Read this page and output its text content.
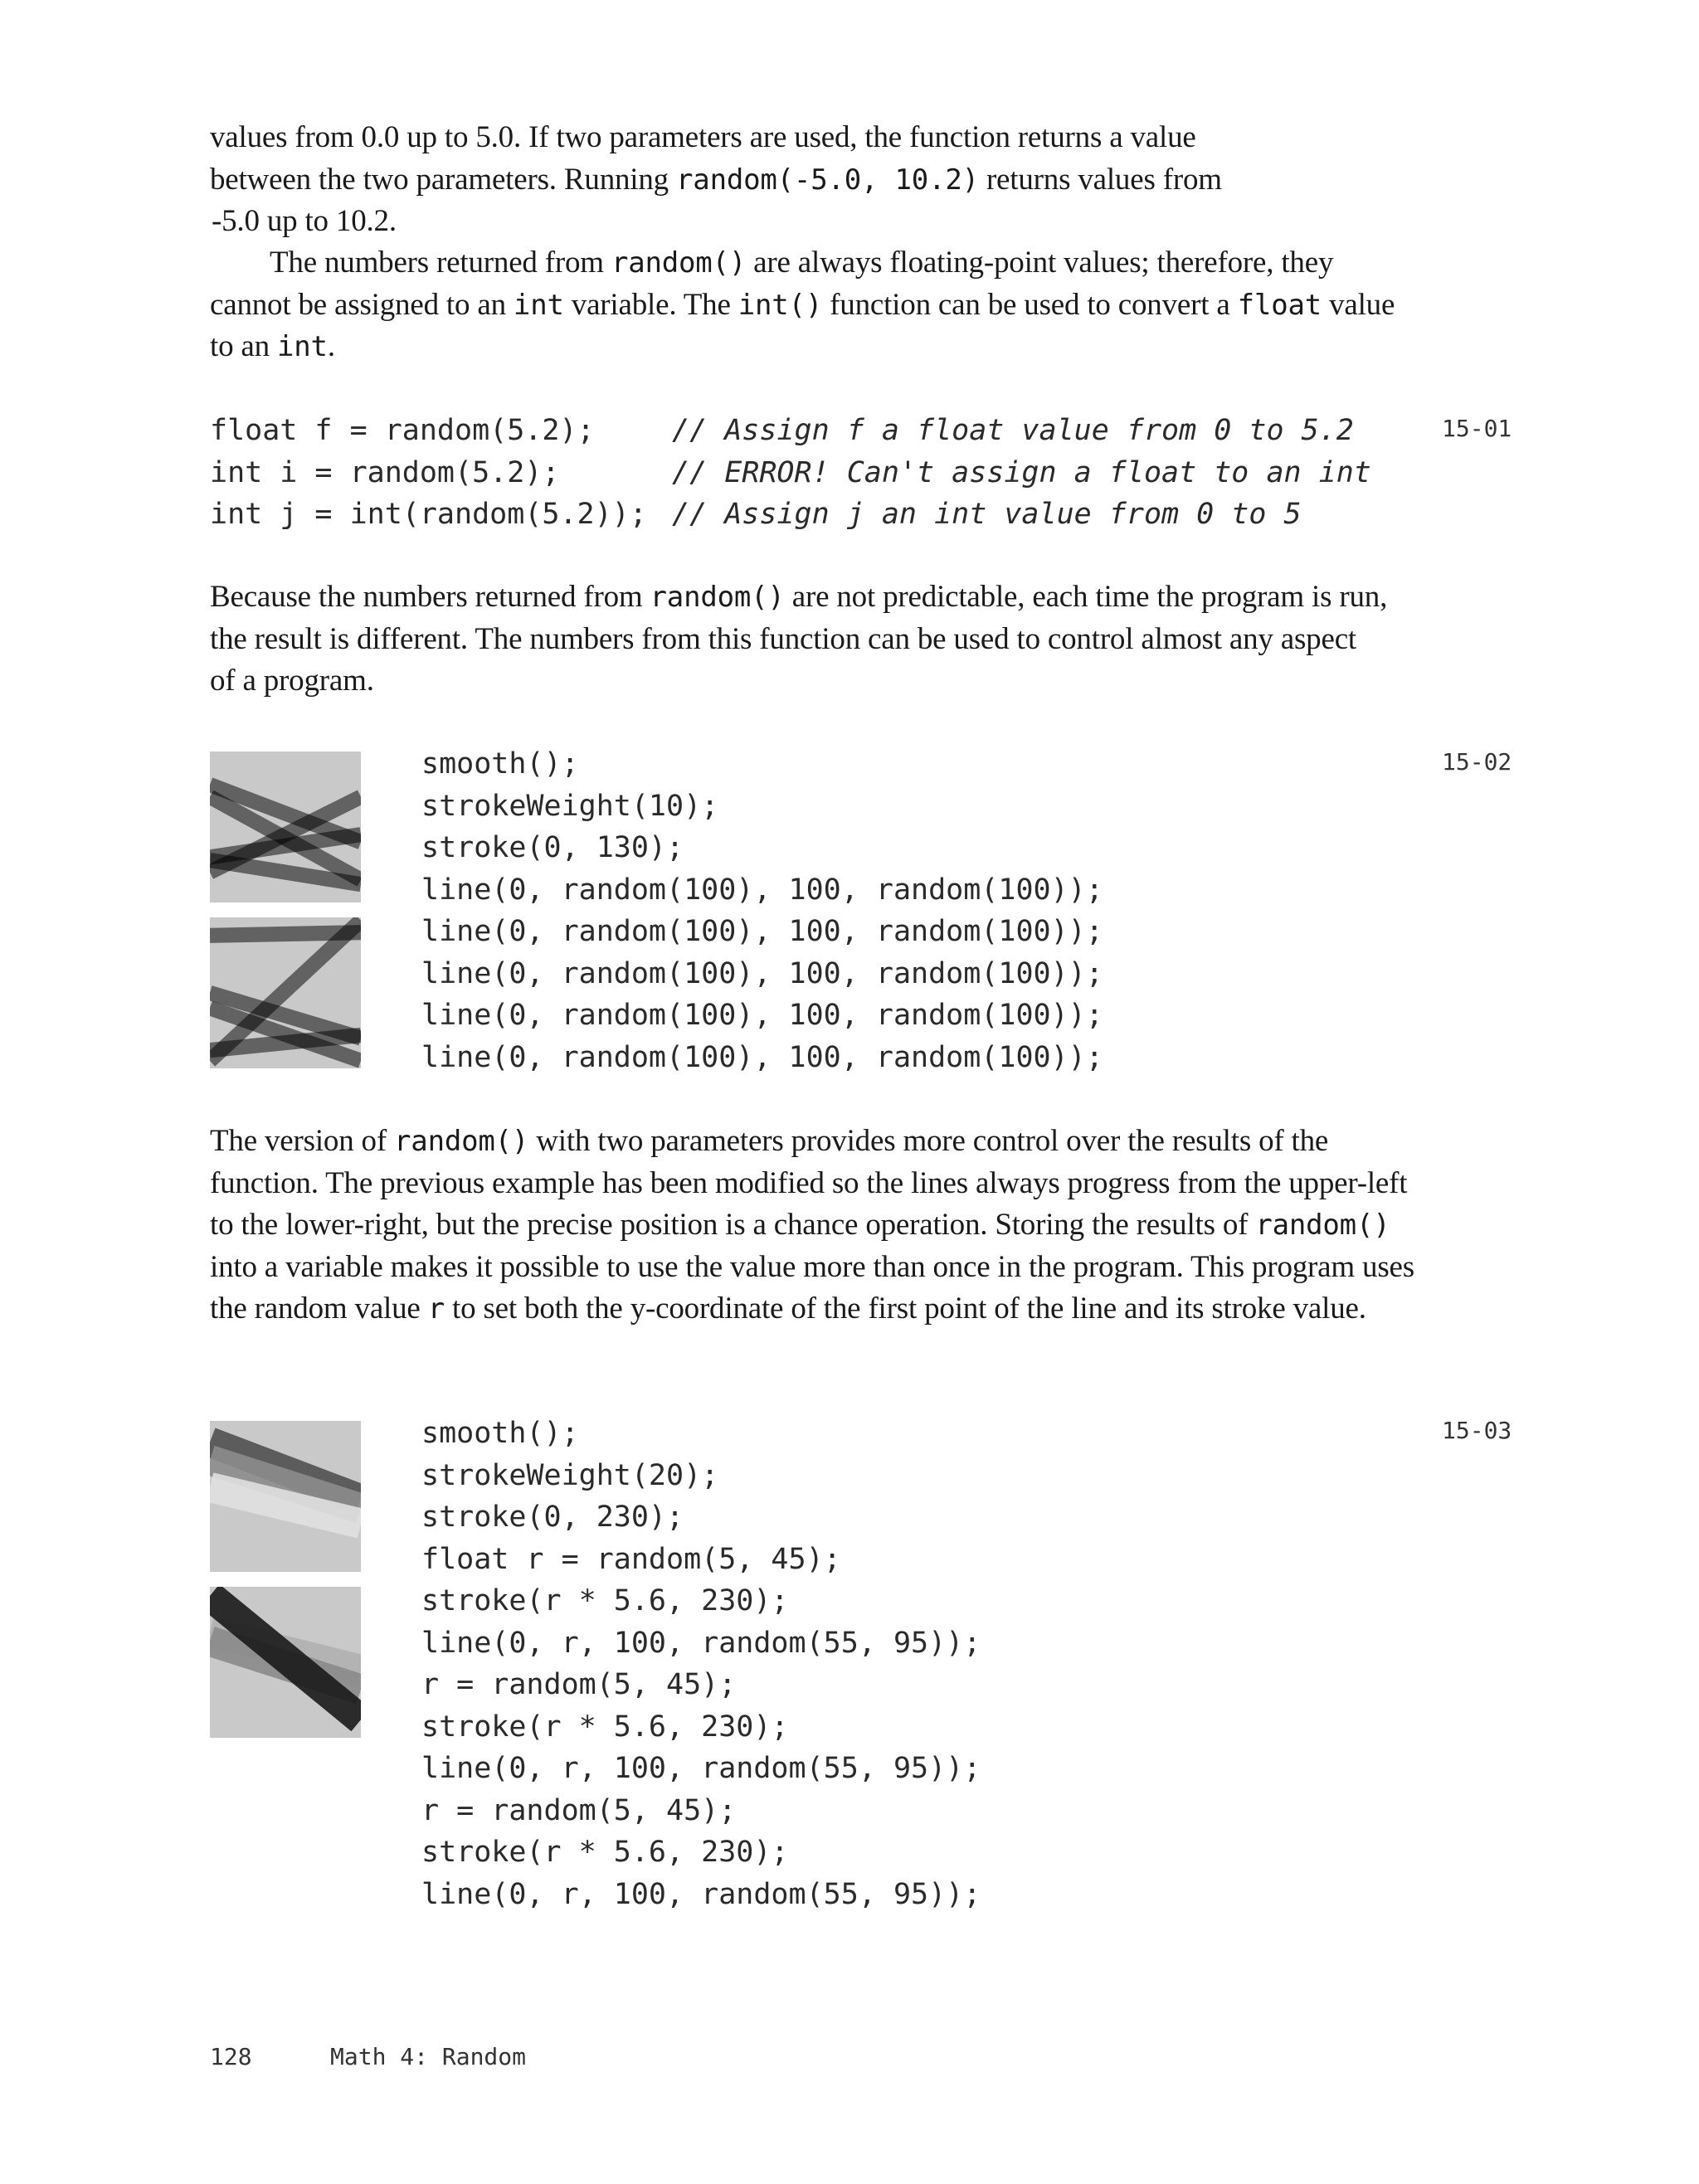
values from 0.0 up to 5.0. If two parameters are used, the function returns a value

between the two parameters. Running random(-5.0, 10.2) returns values from

-5.0 up to 10.2.

The numbers returned from random() are always floating-point values; therefore, they cannot be assigned to an int variable. The int() function can be used to convert a float value to an int.

15-01
float f = random(5.2);
int i = random(5.2);
int j = int(random(5.2));
// Assign f a float value from 0 to 5.2
// ERROR! Can't assign a float to an int
// Assign j an int value from 0 to 5

Because the numbers returned from random() are not predictable, each time the program is run, the result is different. The numbers from this function can be used to control almost any aspect of a program.

15-02
smooth();
strokeWeight(10);
stroke(0, 130);
line(0, random(100), 100, random(100));
line(0, random(100), 100, random(100));
line(0, random(100), 100, random(100));
line(0, random(100), 100, random(100));
line(0, random(100), 100, random(100));

The version of random() with two parameters provides more control over the results of the function. The previous example has been modified so the lines always progress from the upper-left to the lower-right, but the precise position is a chance operation. Storing the results of random() into a variable makes it possible to use the value more than once in the program. This program uses the random value r to set both the y-coordinate of the first point of the line and its stroke value.

15-03
smooth();
strokeWeight(20);
stroke(0, 230);
float r = random(5, 45);
stroke(r * 5.6, 230);
line(0, r, 100, random(55, 95));
r = random(5, 45);
stroke(r * 5.6, 230);
line(0, r, 100, random(55, 95));
r = random(5, 45);
stroke(r * 5.6, 230);
line(0, r, 100, random(55, 95));
128	Math 4: Random
